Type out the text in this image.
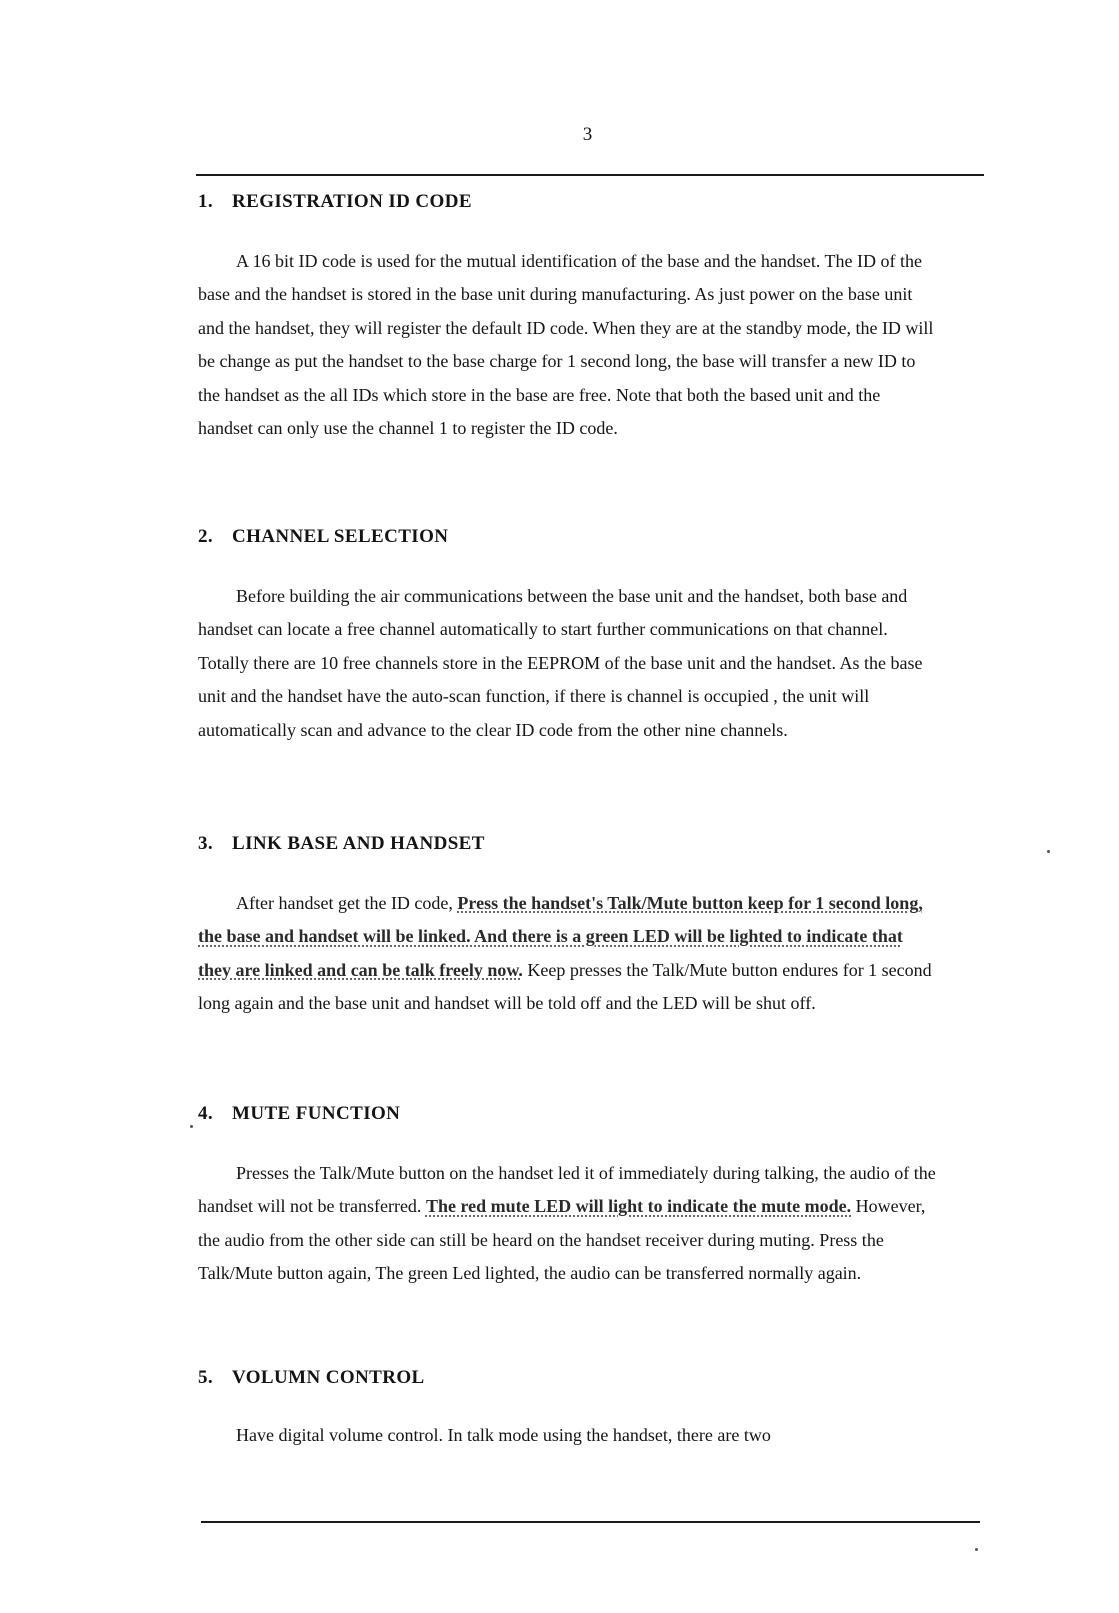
3
1. REGISTRATION ID CODE

A 16 bit ID code is used for the mutual identification of the base and the handset. The ID of the base and the handset is stored in the base unit during manufacturing. As just power on the base unit and the handset, they will register the default ID code. When they are at the standby mode, the ID will be change as put the handset to the base charge for 1 second long, the base will transfer a new ID to the handset as the all IDs which store in the base are free. Note that both the based unit and the handset can only use the channel 1 to register the ID code.

2. CHANNEL SELECTION

Before building the air communications between the base unit and the handset, both base and handset can locate a free channel automatically to start further communications on that channel. Totally there are 10 free channels store in the EEPROM of the base unit and the handset. As the base unit and the handset have the auto-scan function, if there is channel is occupied , the unit will automatically scan and advance to the clear ID code from the other nine channels.

3. LINK BASE AND HANDSET

After handset get the ID code, Press the handset's Talk/Mute button keep for 1 second long, the base and handset will be linked. And there is a green LED will be lighted to indicate that they are linked and can be talk freely now. Keep presses the Talk/Mute button endures for 1 second long again and the base unit and handset will be told off and the LED will be shut off.

4. MUTE FUNCTION

Presses the Talk/Mute button on the handset led it of immediately during talking, the audio of the handset will not be transferred. The red mute LED will light to indicate the mute mode. However, the audio from the other side can still be heard on the handset receiver during muting. Press the Talk/Mute button again, The green Led lighted, the audio can be transferred normally again.

5. VOLUMN CONTROL

Have digital volume control. In talk mode using the handset, there are two
